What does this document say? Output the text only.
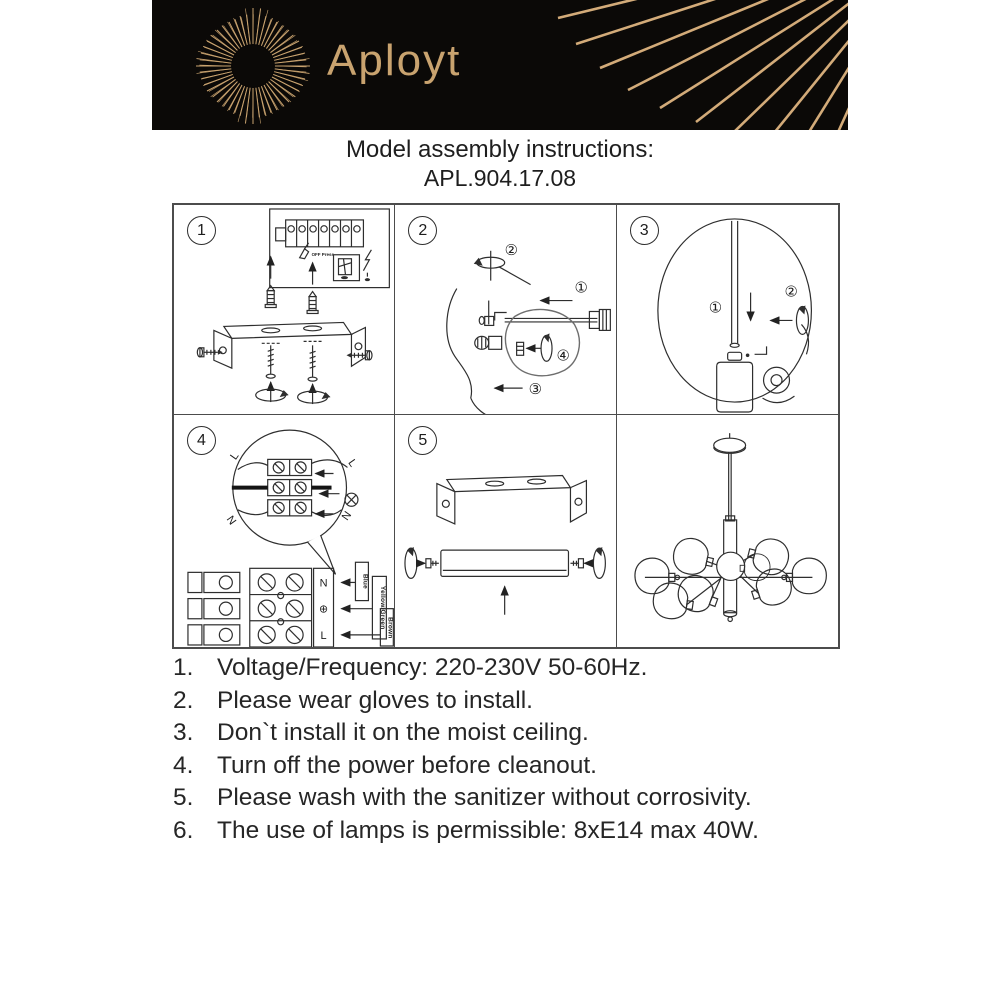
Aployt
Model assembly instructions:
APL.904.17.08
1
OFF Press
2
②
①
④
③
3
①
②
4
L
L
N	N
N
⊕
L
Blue
Yellow/Green Brown
5
1. Voltage/Frequency: 220-230V 50-60Hz.
2. Please wear gloves to install.
3. Don`t install it on the moist ceiling.
4. Turn off the power before cleanout.
5. Please wash with the sanitizer without corrosivity.
6. The use of lamps is permissible: 8xE14 max 40W.
